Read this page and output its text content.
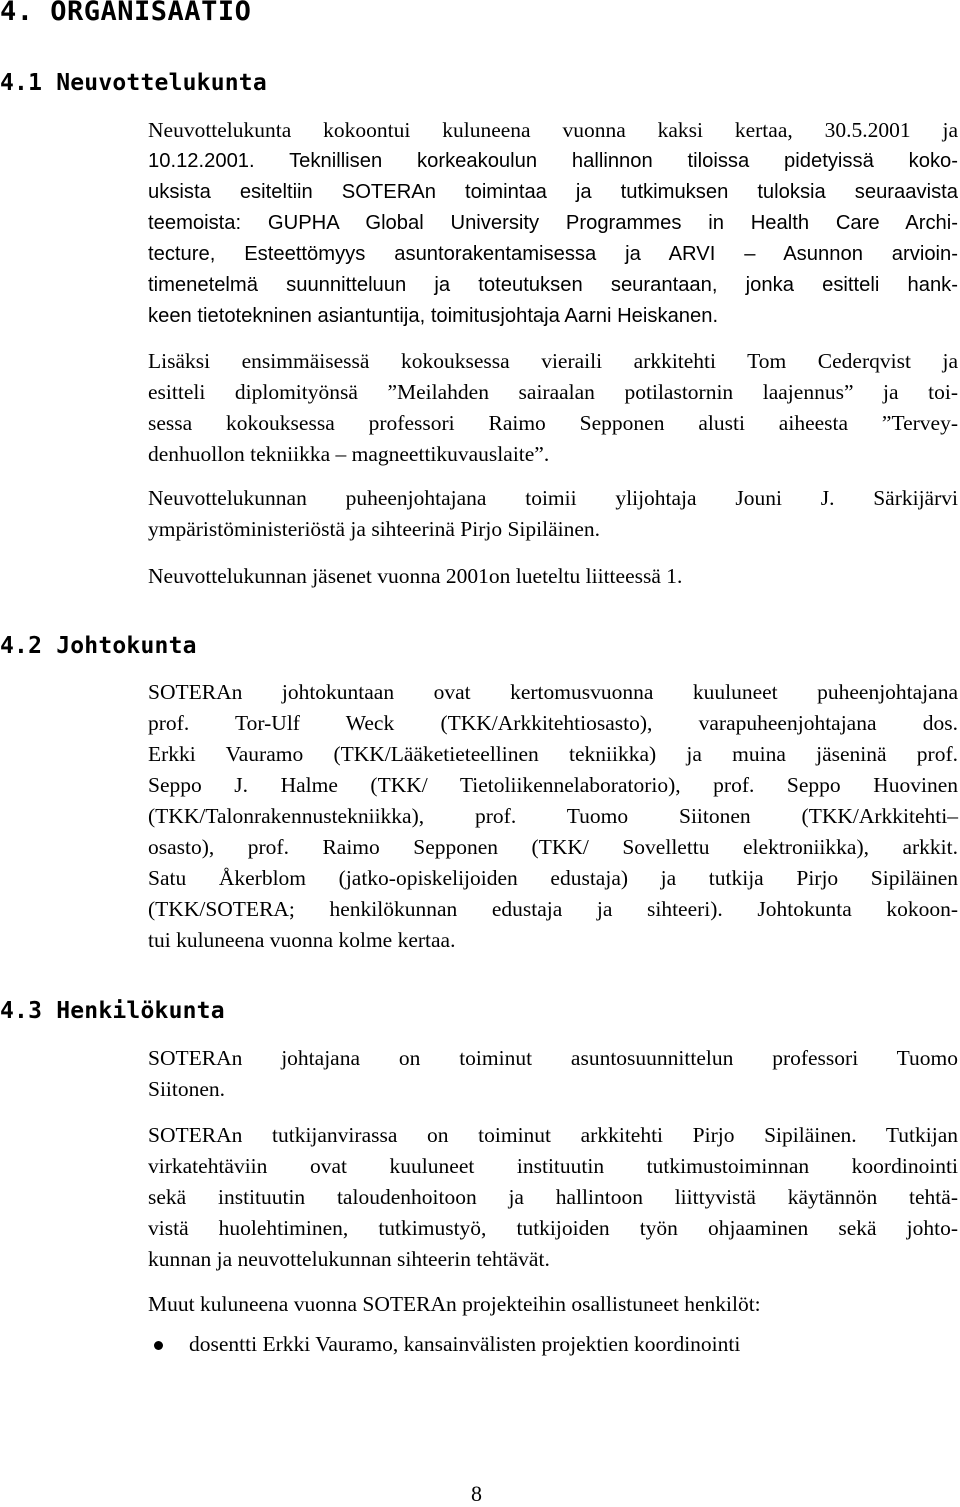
4. ORGANISAATIO
4.1 Neuvottelukunta
Neuvottelukunta kokoontui kuluneena vuonna kaksi kertaa, 30.5.2001 ja
10.12.2001. Teknillisen korkeakoulun hallinnon tiloissa pidetyissä koko-
uksista esiteltiin SOTERAn toimintaa ja tutkimuksen tuloksia seuraavista
teemoista: GUPHA Global University Programmes in Health Care Archi-
tecture, Esteettömyys asuntorakentamisessa ja ARVI – Asunnon arvioin-
timenetelmä suunnitteluun ja toteutuksen seurantaan, jonka esitteli hank-
keen tietotekninen asiantuntija, toimitusjohtaja Aarni Heiskanen.
Lisäksi ensimmäisessä kokouksessa vieraili arkkitehti Tom Cederqvist ja
esitteli diplomityönsä ”Meilahden sairaalan potilastornin laajennus” ja toi-
sessa kokouksessa professori Raimo Sepponen alusti aiheesta ”Tervey-
denhuollon tekniikka – magneettikuvauslaite”.
Neuvottelukunnan puheenjohtajana toimii ylijohtaja Jouni J. Särkijärvi
ympäristöministeriöstä ja sihteerinä Pirjo Sipiläinen.
Neuvottelukunnan jäsenet vuonna 2001on lueteltu liitteessä 1.
4.2 Johtokunta
SOTERAn johtokuntaan ovat kertomusvuonna kuuluneet puheenjohtajana
prof. Tor-Ulf Weck (TKK/Arkkitehtiosasto), varapuheenjohtajana dos.
Erkki Vauramo (TKK/Lääketieteellinen tekniikka) ja muina jäseninä prof.
Seppo J. Halme (TKK/ Tietoliikennelaboratorio), prof. Seppo Huovinen
(TKK/Talonrakennustekniikka), prof. Tuomo Siitonen (TKK/Arkkitehti–
osasto), prof. Raimo Sepponen (TKK/ Sovellettu elektroniikka), arkkit.
Satu Åkerblom (jatko-opiskelijoiden edustaja) ja tutkija Pirjo Sipiläinen
(TKK/SOTERA; henkilökunnan edustaja ja sihteeri). Johtokunta kokoon-
tui kuluneena vuonna kolme kertaa.
4.3 Henkilökunta
SOTERAn johtajana on toiminut asuntosuunnittelun professori Tuomo
Siitonen.
SOTERAn tutkijanvirassa on toiminut arkkitehti Pirjo Sipiläinen. Tutkijan
virkatehtäviin ovat kuuluneet instituutin tutkimustoiminnan koordinointi
sekä instituutin taloudenhoitoon ja hallintoon liittyvistä käytännön tehtä-
vistä huolehtiminen, tutkimustyö, tutkijoiden työn ohjaaminen sekä johto-
kunnan ja neuvottelukunnan sihteerin tehtävät.
Muut kuluneena vuonna SOTERAn projekteihin osallistuneet henkilöt:
dosentti Erkki Vauramo, kansainvälisten projektien koordinointi
8
